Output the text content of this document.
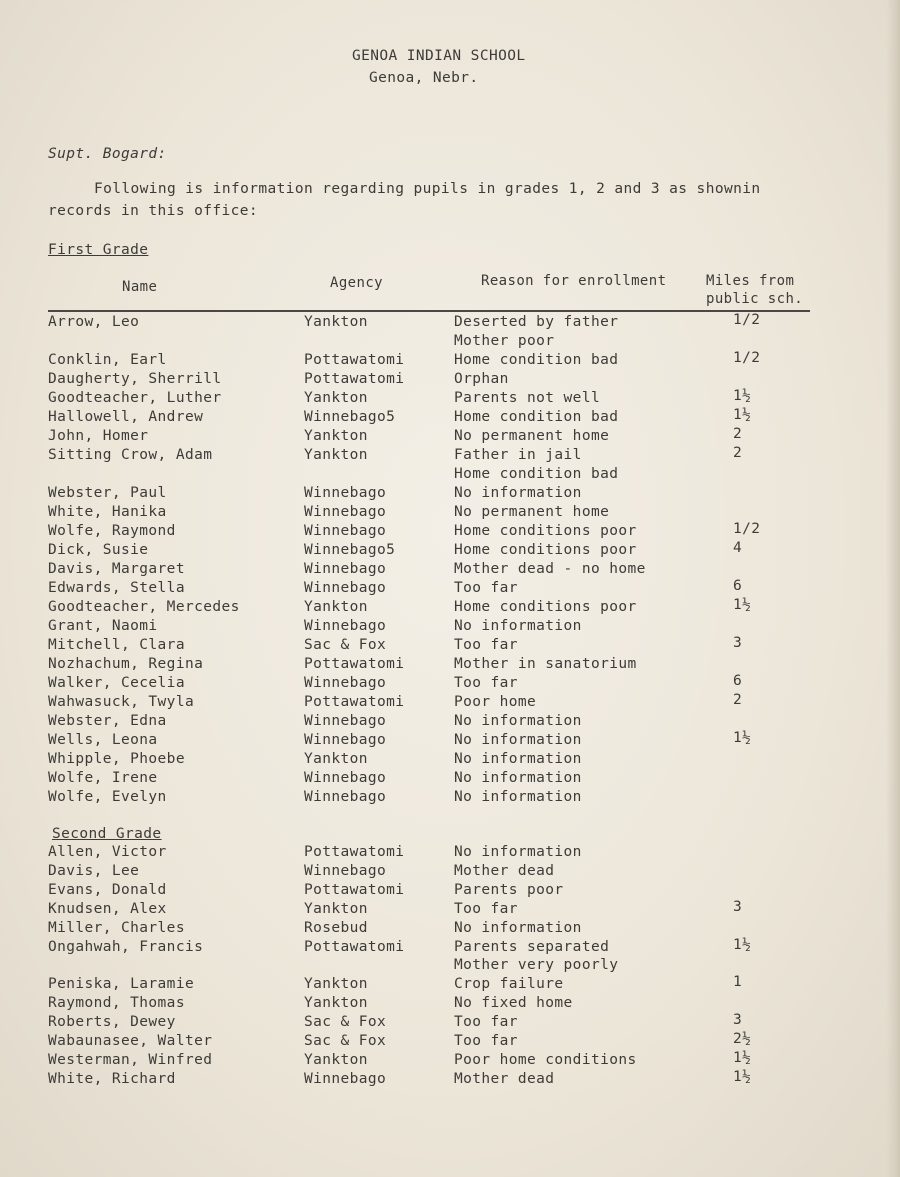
GENOA INDIAN SCHOOL
Genoa, Nebr.
Supt. Bogard:
Following is information regarding pupils in grades 1, 2 and 3 as shownin
records in this office:
First Grade
Name	Agency	Reason for enrollment	Miles from
public sch.
Arrow, Leo	Yankton	Deserted by father	1/2
Mother poor
Conklin, Earl	Pottawatomi	Home condition bad	1/2
Daugherty, Sherrill	Pottawatomi	Orphan
Goodteacher, Luther	Yankton	Parents not well	1½
Hallowell, Andrew	Winnebago5	Home condition bad	1½
John, Homer	Yankton	No permanent home	2
Sitting Crow, Adam	Yankton	Father in jail	2
Home condition bad
Webster, Paul	Winnebago	No information
White, Hanika	Winnebago	No permanent home
Wolfe, Raymond	Winnebago	Home conditions poor	1/2
Dick, Susie	Winnebago5	Home conditions poor	4
Davis, Margaret	Winnebago	Mother dead - no home
Edwards, Stella	Winnebago	Too far	6
Goodteacher, Mercedes	Yankton	Home conditions poor	1½
Grant, Naomi	Winnebago	No information
Mitchell, Clara	Sac & Fox	Too far	3
Nozhachum, Regina	Pottawatomi	Mother in sanatorium
Walker, Cecelia	Winnebago	Too far	6
Wahwasuck, Twyla	Pottawatomi	Poor home	2
Webster, Edna	Winnebago	No information
Wells, Leona	Winnebago	No information	1½
Whipple, Phoebe	Yankton	No information
Wolfe, Irene	Winnebago	No information
Wolfe, Evelyn	Winnebago	No information
Second Grade
Allen, Victor	Pottawatomi	No information
Davis, Lee	Winnebago	Mother dead
Evans, Donald	Pottawatomi	Parents poor
Knudsen, Alex	Yankton	Too far	3
Miller, Charles	Rosebud	No information
Ongahwah, Francis	Pottawatomi	Parents separated	1½
Mother very poorly
Peniska, Laramie	Yankton	Crop failure	1
Raymond, Thomas	Yankton	No fixed home
Roberts, Dewey	Sac & Fox	Too far	3
Wabaunasee, Walter	Sac & Fox	Too far	2½
Westerman, Winfred	Yankton	Poor home conditions	1½
White, Richard	Winnebago	Mother dead	1½
